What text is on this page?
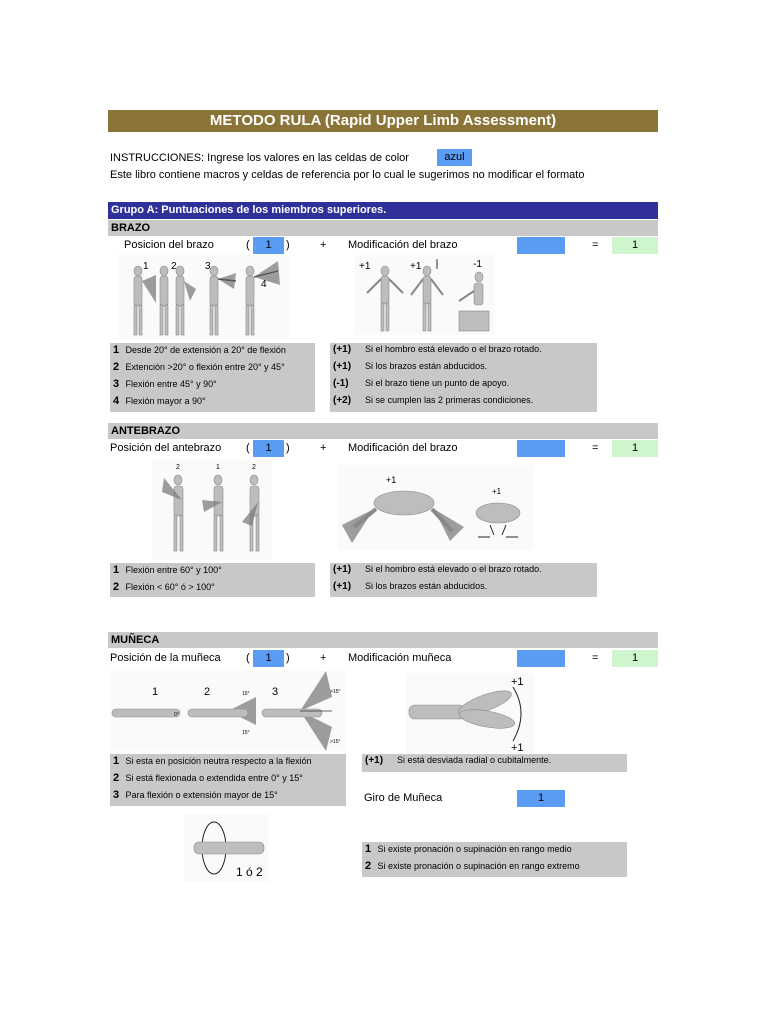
METODO RULA (Rapid Upper Limb Assessment)
INSTRUCCIONES: Ingrese los valores en las celdas de color	azul
Este libro contiene macros y celdas de referencia por lo cual le sugerimos no modificar el formato
Grupo A: Puntuaciones de los miembros superiores.
BRAZO
Posicion del brazo	(	1	)	+ Modificación del brazo	=	1
1 2	3
4
+1	+1	-1
1 Desde 20° de extensión a 20° de flexión
2 Extención >20° o flexión entre 20° y 45°
3 Flexión entre 45° y 90°
4 Flexión mayor a 90°
(+1) Si el hombro está elevado o el brazo rotado.
(+1) Si los brazos están abducidos.
(-1) Si el brazo tiene un punto de apoyo.
(+2) Si se cumplen las 2 primeras condiciones.
ANTEBRAZO
Posición del antebrazo (	1	)	+ Modificación del brazo	=	1
2	1	2
+1
+1
1 Flexión entre 60° y 100°
2 Flexión < 60° ó > 100°
(+1) Si el hombro está elevado o el brazo rotado.
(+1) Si los brazos están abducidos.
MUÑECA
Posición de la muñeca (	1	)	+ Modificación muñeca	=	1
1	2	3
0°
15°
15°
>15°
>15°
+1
+1
1 Si esta en posición neutra respecto a la flexión
2 Si está flexionada o extendida entre 0° y 15°
3 Para flexión o extensión mayor de 15°
(+1) Si está desviada radial o cubitalmente.
Giro de Muñeca	1
1 ó 2
1 Si existe pronación o supinación en rango medio
2 Si existe pronación o supinación en rango extremo
